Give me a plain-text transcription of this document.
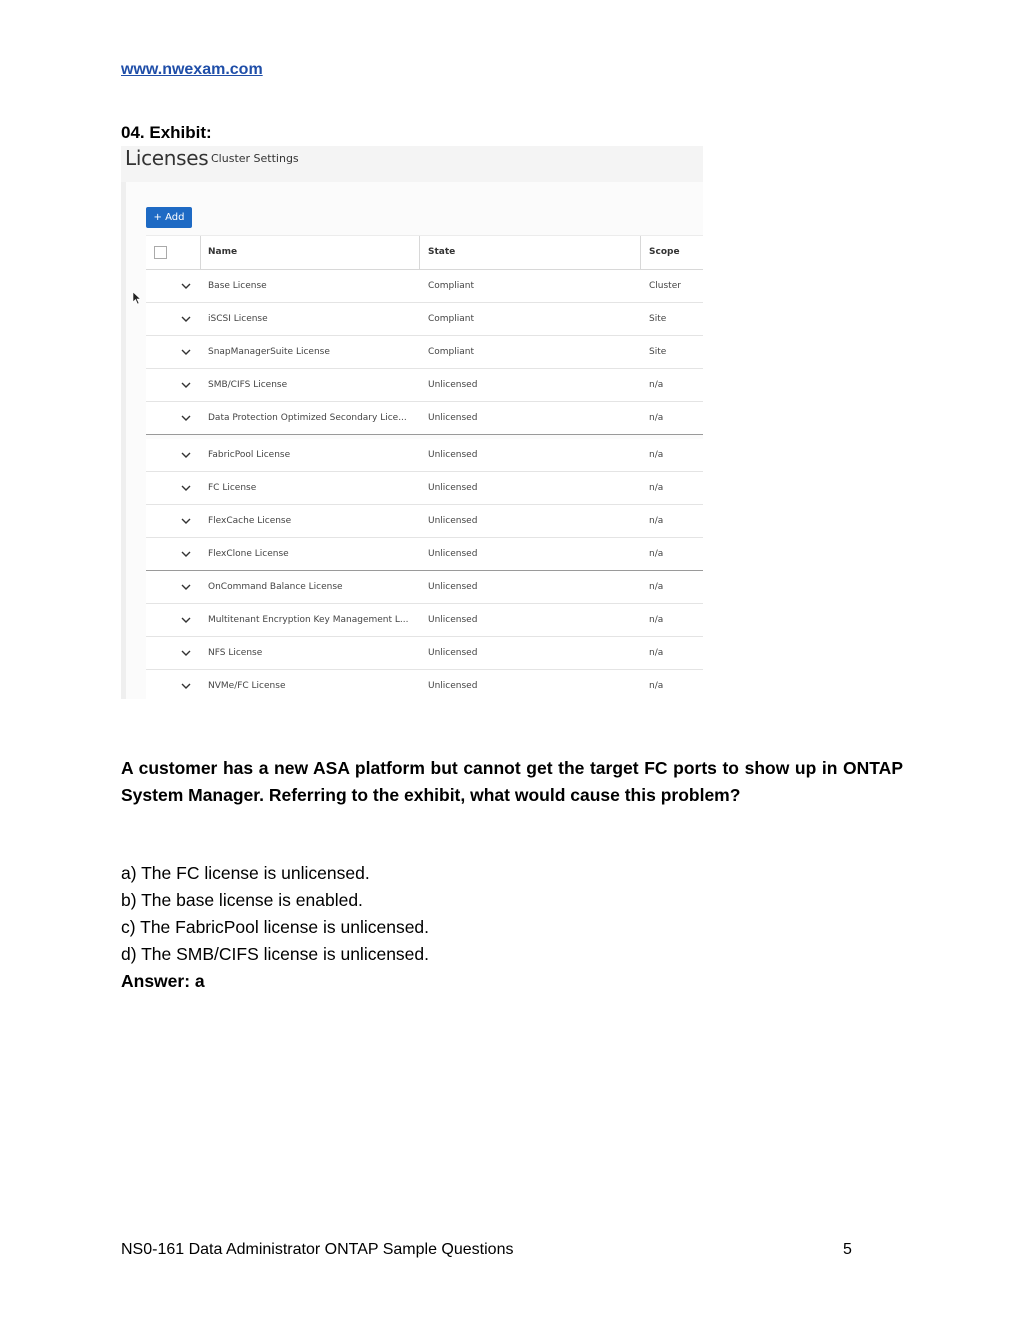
www.nwexam.com
04. Exhibit:
Licenses Cluster Settings
+ Add
Name	State	Scope
Base License	Compliant	Cluster
iSCSI License	Compliant	Site
SnapManagerSuite License	Compliant	Site
SMB/CIFS License	Unlicensed	n/a
Data Protection Optimized Secondary Lice...	Unlicensed	n/a
FabricPool License	Unlicensed	n/a
FC License	Unlicensed	n/a
FlexCache License	Unlicensed	n/a
FlexClone License	Unlicensed	n/a
OnCommand Balance License	Unlicensed	n/a
Multitenant Encryption Key Management L...	Unlicensed	n/a
NFS License	Unlicensed	n/a
NVMe/FC License	Unlicensed	n/a
A customer has a new ASA platform but cannot get the target FC ports to show up in ONTAP System Manager. Referring to the exhibit, what would cause this problem?
a) The FC license is unlicensed.
b) The base license is enabled.
c) The FabricPool license is unlicensed.
d) The SMB/CIFS license is unlicensed.
Answer: a
NS0-161 Data Administrator ONTAP Sample Questions	5
